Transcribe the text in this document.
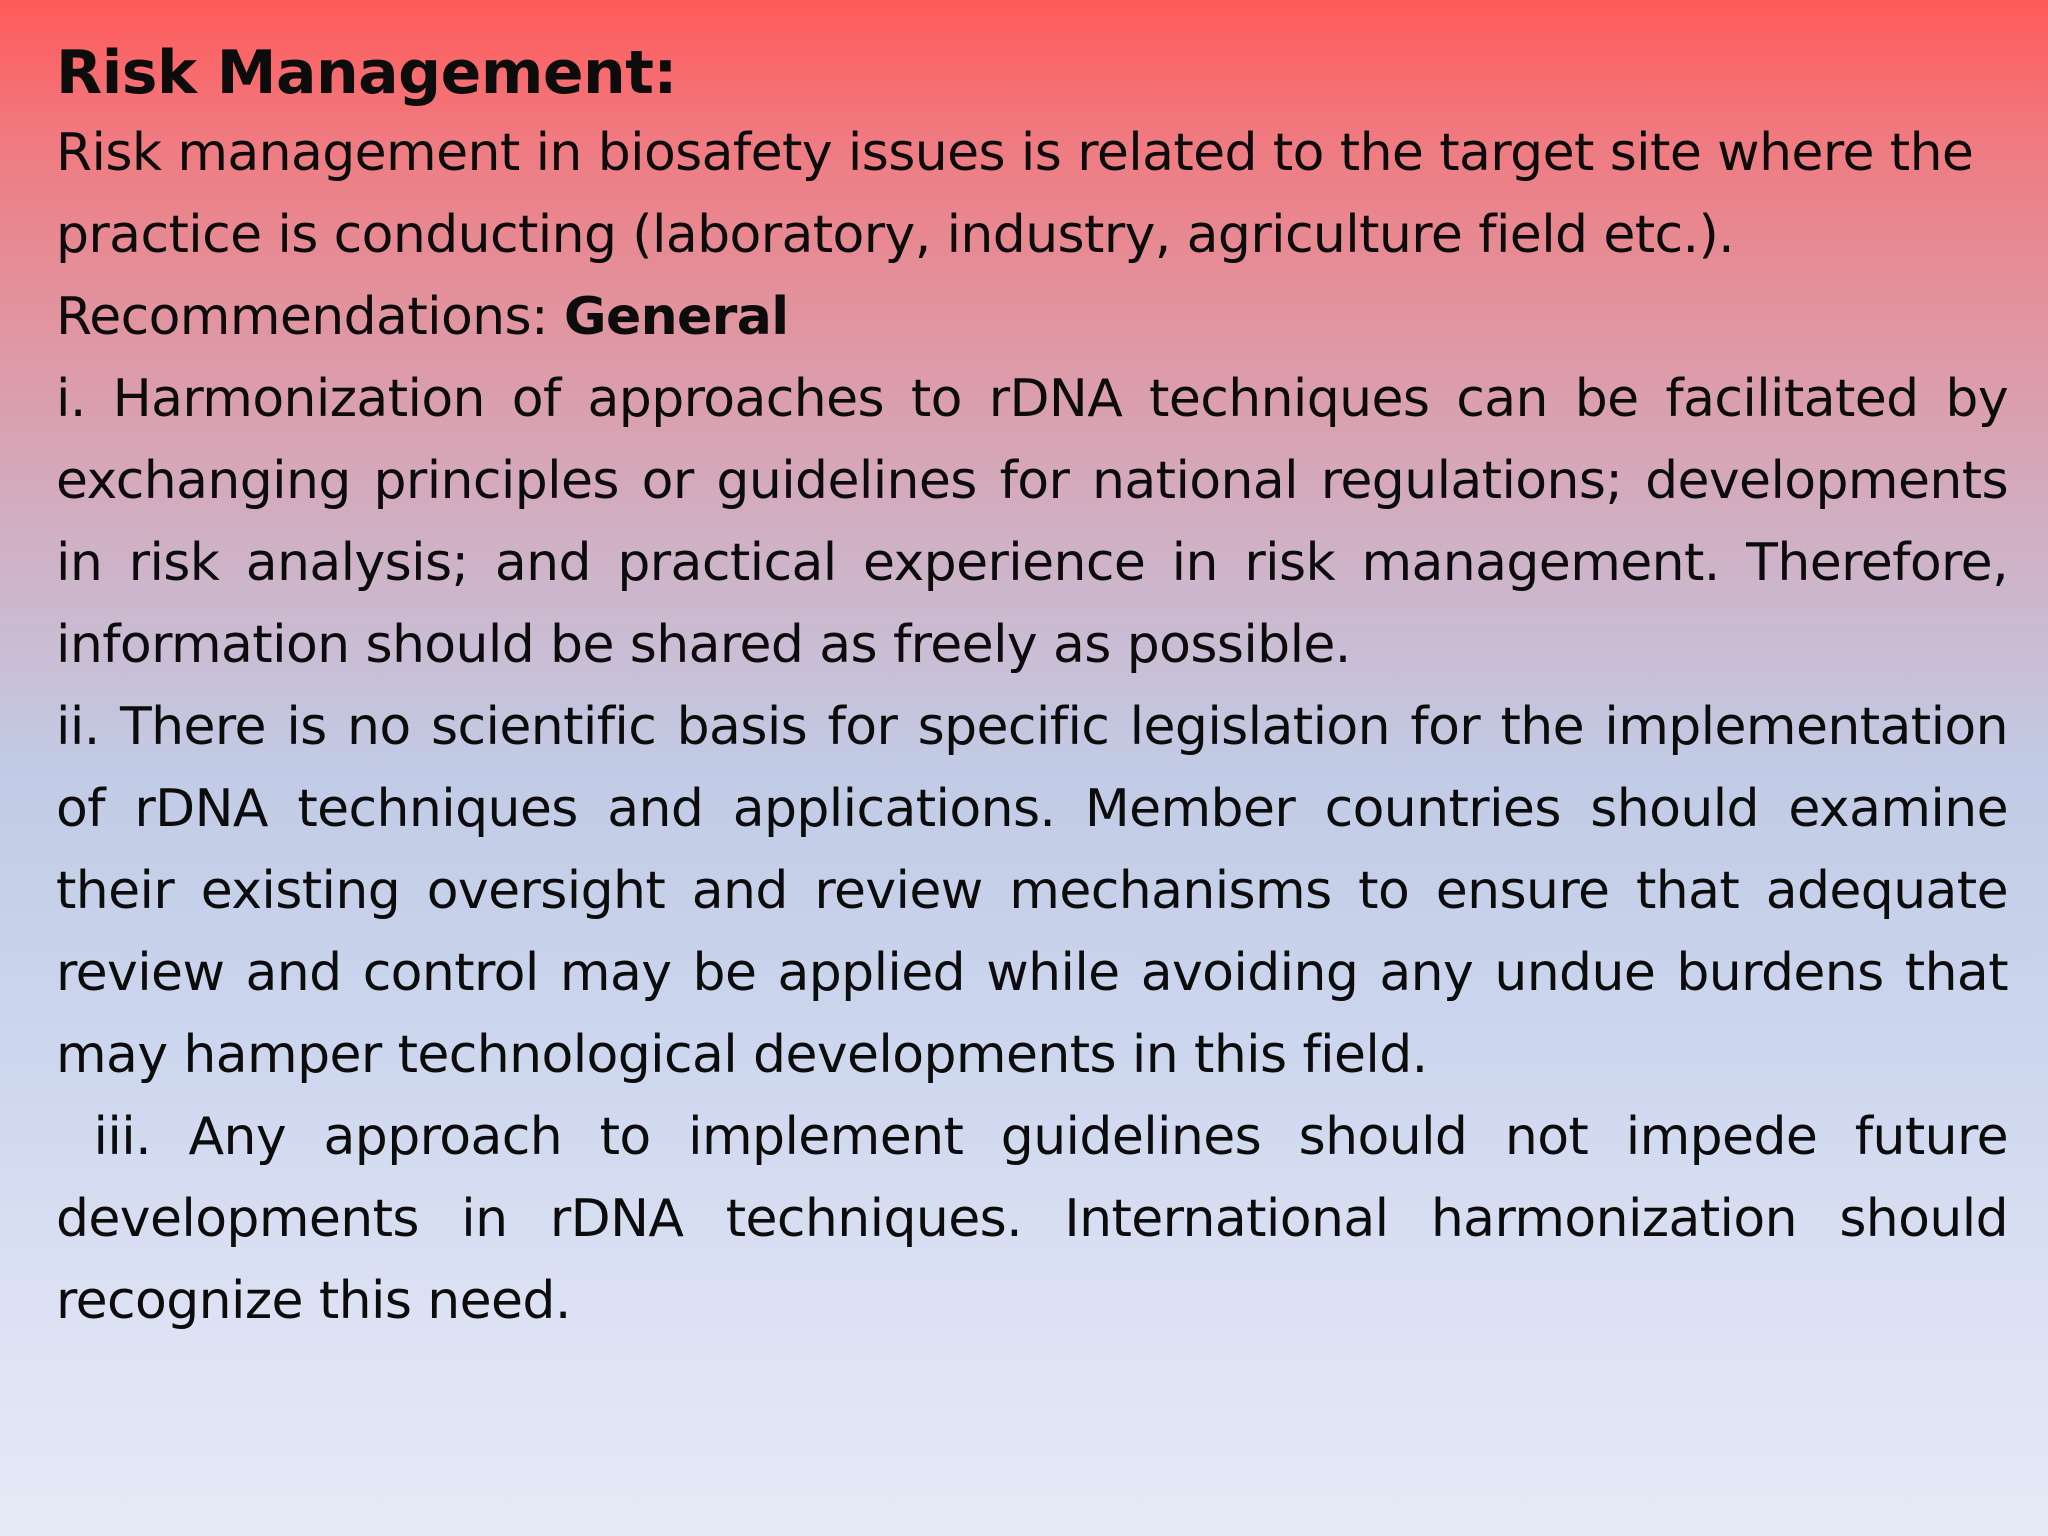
Risk Management:

Risk management in biosafety issues is related to the target site where the practice is conducting (laboratory, industry, agriculture field etc.).

Recommendations: General

i. Harmonization of approaches to rDNA techniques can be facilitated by exchanging principles or guidelines for national regulations; developments in risk analysis; and practical experience in risk management. Therefore, information should be shared as freely as possible.

ii. There is no scientific basis for specific legislation for the implementation of rDNA techniques and applications. Member countries should examine their existing oversight and review mechanisms to ensure that adequate review and control may be applied while avoiding any undue burdens that may hamper technological developments in this field.

iii. Any approach to implement guidelines should not impede future developments in rDNA techniques. International harmonization should recognize this need.
